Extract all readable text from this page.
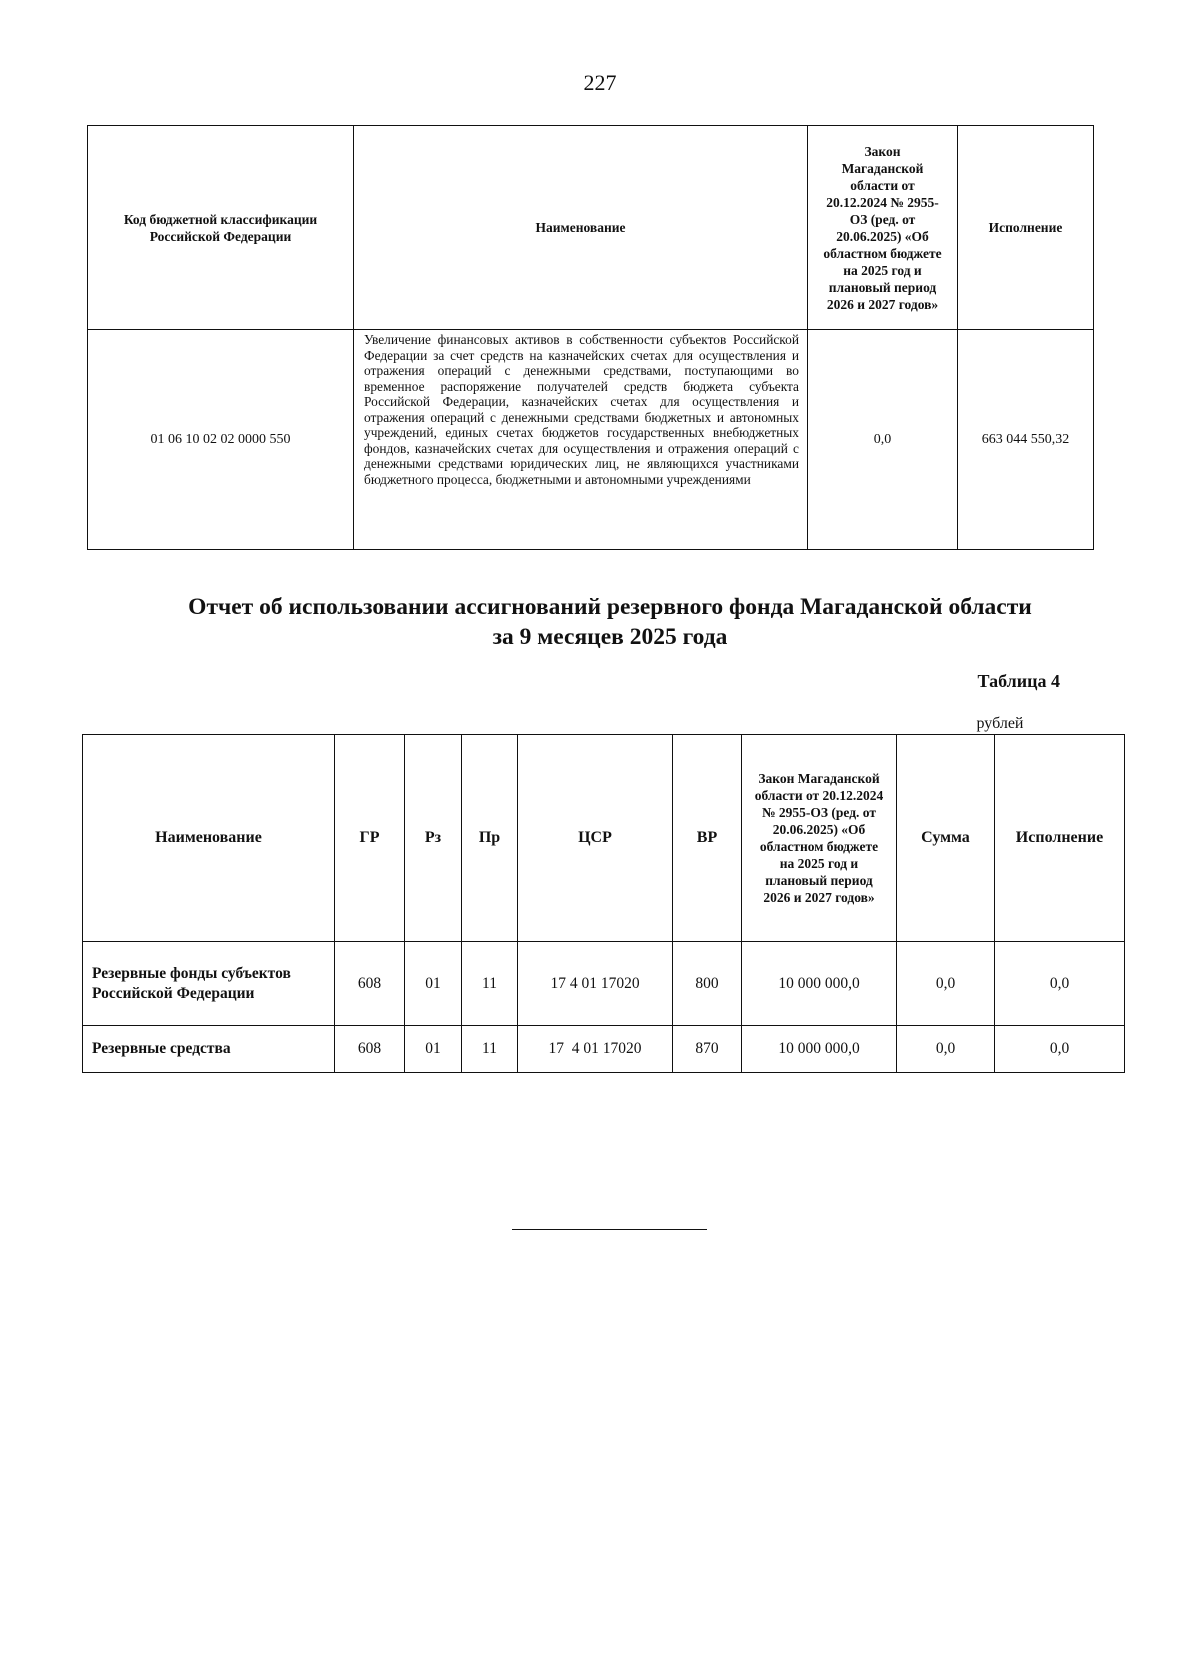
227
Код бюджетной классификации Российской Федерации	Наименование	Закон Магаданской области от 20.12.2024 № 2955-ОЗ (ред. от 20.06.2025) «Об областном бюджете на 2025 год и плановый период 2026 и 2027 годов»	Исполнение
01 06 10 02 02 0000 550	Увеличение финансовых активов в собственности субъектов Российской Федерации за счет средств на казначейских счетах для осуществления и отражения операций с денежными средствами, поступающими во временное распоряжение получателей средств бюджета субъекта Российской Федерации, казначейских счетах для осуществления и отражения операций с денежными средствами бюджетных и автономных учреждений, единых счетах бюджетов государственных внебюджетных фондов, казначейских счетах для осуществления и отражения операций с денежными средствами юридических лиц, не являющихся участниками бюджетного процесса, бюджетными и автономными учреждениями	0,0	663 044 550,32
Отчет об использовании ассигнований резервного фонда Магаданской области
за 9 месяцев 2025 года
Таблица 4
рублей
Наименование	ГР	Рз	Пр	ЦСР	ВР	Закон Магаданской области от 20.12.2024 № 2955-ОЗ (ред. от 20.06.2025) «Об областном бюджете на 2025 год и плановый период 2026 и 2027 годов»	Сумма	Исполнение
Резервные фонды субъектов Российской Федерации	608	01	11	17 4 01 17020	800	10 000 000,0	0,0	0,0
Резервные средства	608	01	11	17  4 01 17020	870	10 000 000,0	0,0	0,0
